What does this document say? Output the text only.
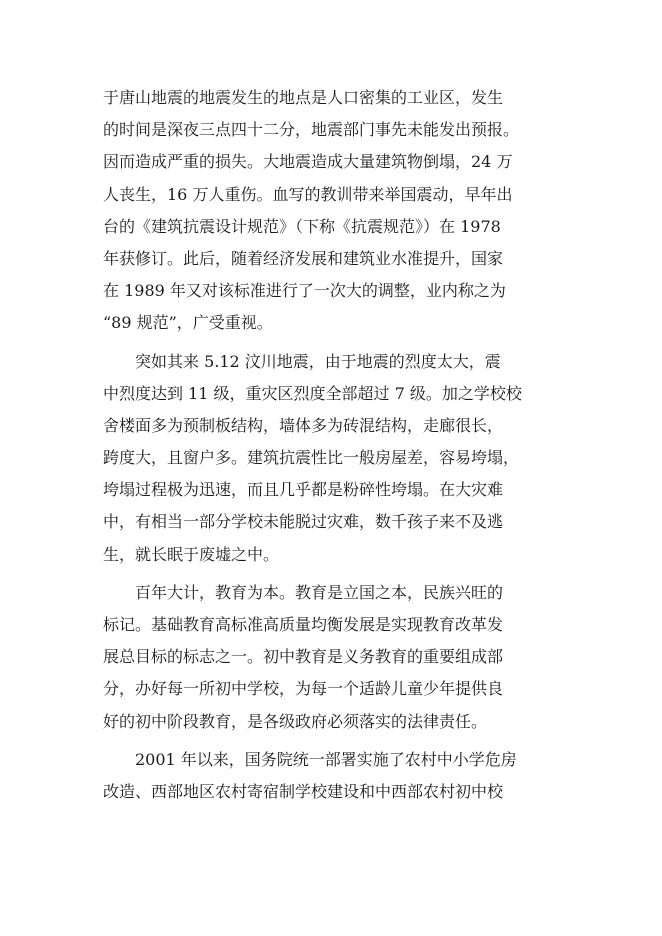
于唐山地震的地震发生的地点是人口密集的工业区，发生
的时间是深夜三点四十二分，地震部门事先未能发出预报。
因而造成严重的损失。大地震造成大量建筑物倒塌，24 万
人丧生，16 万人重伤。血写的教训带来举国震动，早年出
台的《建筑抗震设计规范》（下称《抗震规范》）在 1978
年获修订。此后，随着经济发展和建筑业水准提升，国家
在 1989 年又对该标准进行了一次大的调整，业内称之为
“89 规范”，广受重视。
　　突如其来 5.12 汶川地震，由于地震的烈度太大，震
中烈度达到 11 级，重灾区烈度全部超过 7 级。加之学校校
舍楼面多为预制板结构，墙体多为砖混结构，走廊很长，
跨度大，且窗户多。建筑抗震性比一般房屋差，容易垮塌，
垮塌过程极为迅速，而且几乎都是粉碎性垮塌。在大灾难
中，有相当一部分学校未能脱过灾难，数千孩子来不及逃
生，就长眠于废墟之中。
　　百年大计，教育为本。教育是立国之本，民族兴旺的
标记。基础教育高标准高质量均衡发展是实现教育改革发
展总目标的标志之一。初中教育是义务教育的重要组成部
分，办好每一所初中学校，为每一个适龄儿童少年提供良
好的初中阶段教育，是各级政府必须落实的法律责任。
　　2001 年以来，国务院统一部署实施了农村中小学危房
改造、西部地区农村寄宿制学校建设和中西部农村初中校
